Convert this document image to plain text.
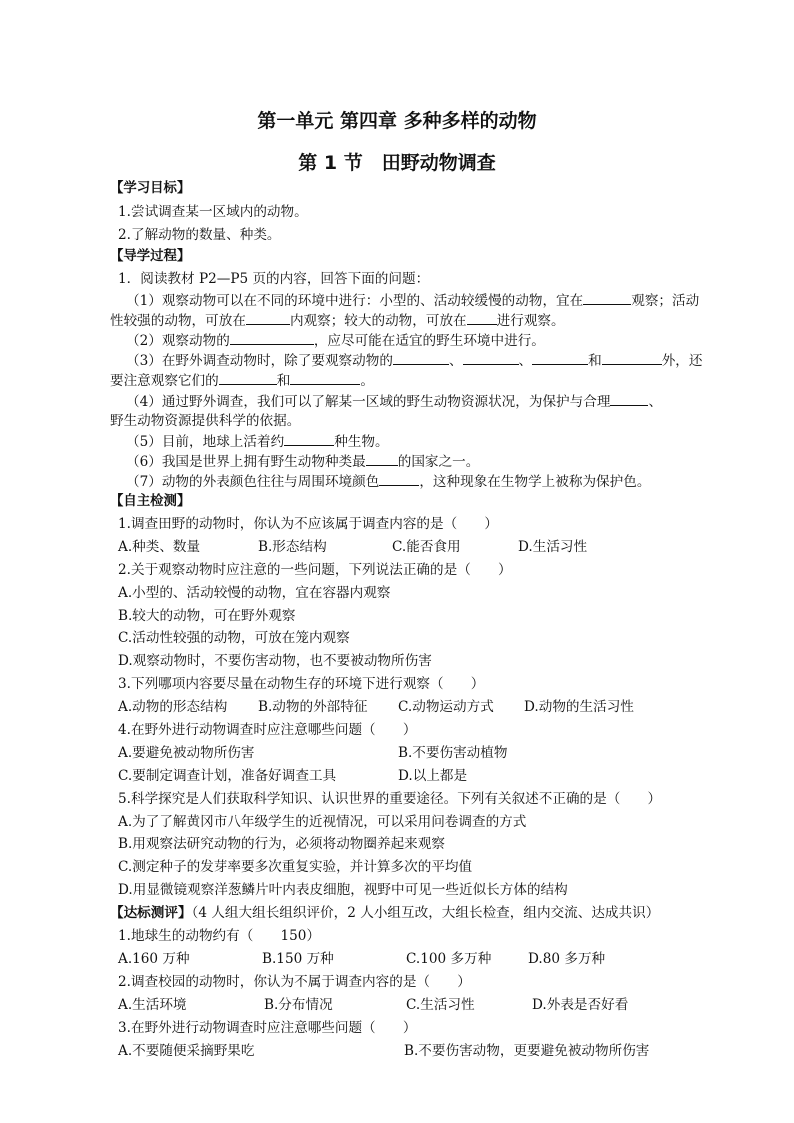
第一单元 第四章 多种多样的动物
第 1 节　田野动物调查
【学习目标】
1.尝试调查某一区域内的动物。
2.了解动物的数量、种类。
【导学过程】
1．阅读教材 P2—P5 页的内容，回答下面的问题：
（1）观察动物可以在不同的环境中进行：小型的、活动较缓慢的动物，宜在	观察；活动
性较强的动物，可放在	内观察；较大的动物，可放在 进行观察。
（2）观察动物的	，应尽可能在适宜的野生环境中进行。
（3）在野外调查动物时，除了要观察动物的	、	、	和	外，还
要注意观察它们的	和	。
（4）通过野外调查，我们可以了解某一区域的野生动物资源状况，为保护与合理	、
野生动物资源提供科学的依据。
（5）目前，地球上活着约	种生物。
（6）我国是世界上拥有野生动物种类最 的国家之一。
（7）动物的外表颜色往往与周围环境颜色	，这种现象在生物学上被称为保护色。
【自主检测】
1.调查田野的动物时，你认为不应该属于调查内容的是（　　）
A.种类、数量	B.形态结构	C.能否食用	D.生活习性
2.关于观察动物时应注意的一些问题，下列说法正确的是（　　）
A.小型的、活动较慢的动物，宜在容器内观察
B.较大的动物，可在野外观察
C.活动性较强的动物，可放在笼内观察
D.观察动物时，不要伤害动物，也不要被动物所伤害
3.下列哪项内容要尽量在动物生存的环境下进行观察（　　）
A.动物的形态结构 B.动物的外部特征 C.动物运动方式 D.动物的生活习性
4.在野外进行动物调查时应注意哪些问题（　　）
A.要避免被动物所伤害	B.不要伤害动植物
C.要制定调查计划，准备好调查工具	D.以上都是
5.科学探究是人们获取科学知识、认识世界的重要途径。下列有关叙述不正确的是（　　）
A.为了了解黄冈市八年级学生的近视情况，可以采用问卷调查的方式
B.用观察法研究动物的行为，必须将动物圈养起来观察
C.测定种子的发芽率要多次重复实验，并计算多次的平均值
D.用显微镜观察洋葱鳞片叶内表皮细胞，视野中可见一些近似长方体的结构
【达标测评】（4 人组大组长组织评价，2 人小组互改，大组长检查，组内交流、达成共识）
1.地球生的动物约有（　　150）
A.160 万种	B.150 万种	C.100 多万种	D.80 多万种
2.调查校园的动物时，你认为不属于调查内容的是（　　）
A.生活环境	B.分布情况	C.生活习性	D.外表是否好看
3.在野外进行动物调查时应注意哪些问题（　　）
A.不要随便采摘野果吃	B.不要伤害动物，更要避免被动物所伤害
